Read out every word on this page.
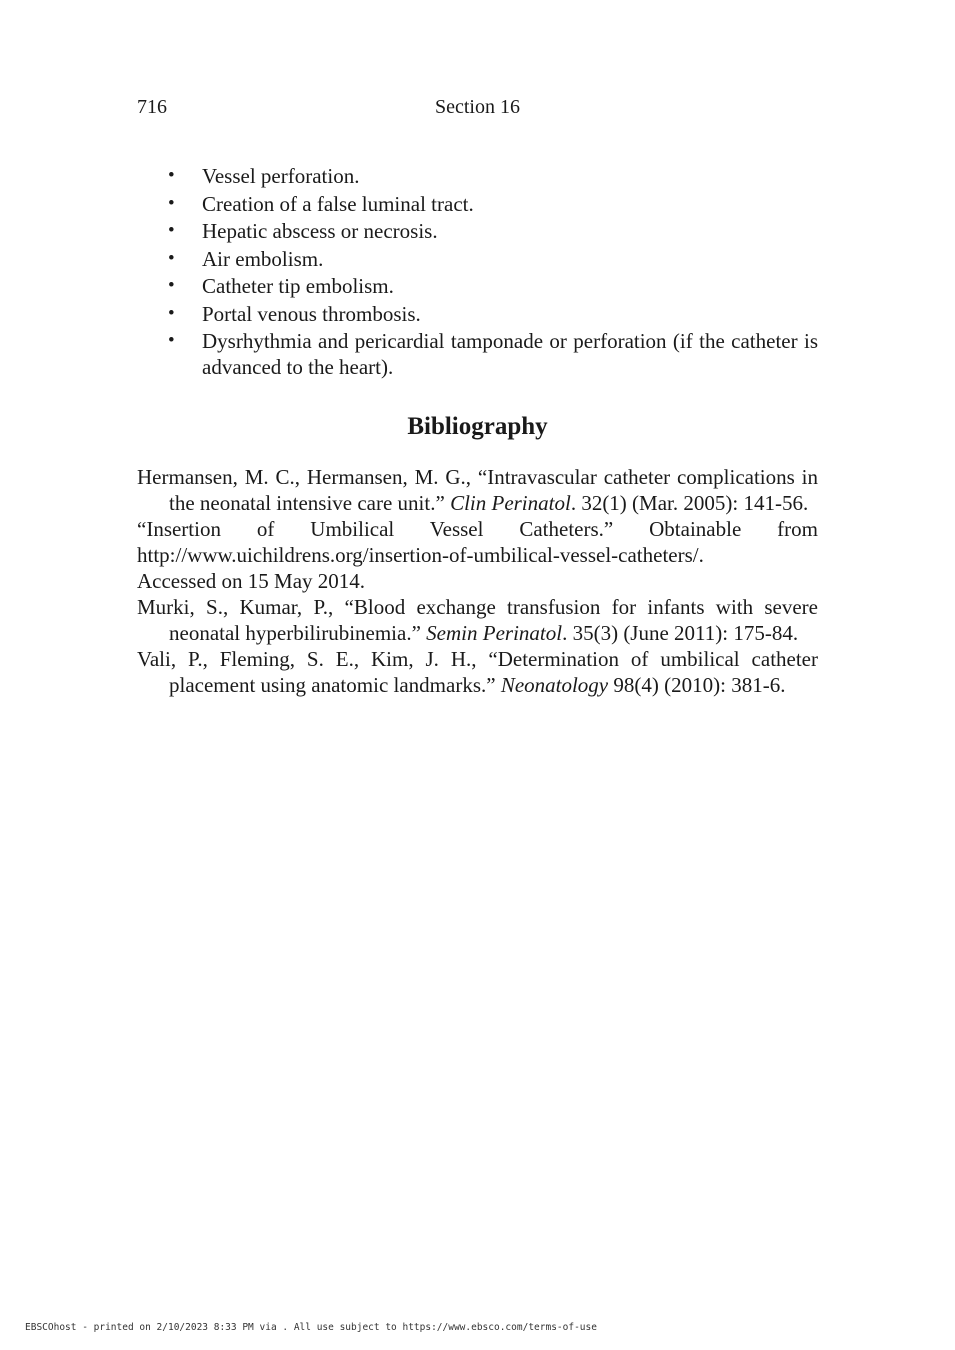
716	Section 16
• Vessel perforation.
• Creation of a false luminal tract.
• Hepatic abscess or necrosis.
• Air embolism.
• Catheter tip embolism.
• Portal venous thrombosis.
• Dysrhythmia and pericardial tamponade or perforation (if the catheter is advanced to the heart).
Bibliography
Hermansen, M. C., Hermansen, M. G., “Intravascular catheter complications in the neonatal intensive care unit.” Clin Perinatol. 32(1) (Mar. 2005): 141-56.
“Insertion of Umbilical Vessel Catheters.” Obtainable from
http://www.uichildrens.org/insertion-of-umbilical-vessel-catheters/.
Accessed on 15 May 2014.
Murki, S., Kumar, P., “Blood exchange transfusion for infants with severe neonatal hyperbilirubinemia.” Semin Perinatol. 35(3) (June 2011): 175-84.
Vali, P., Fleming, S. E., Kim, J. H., “Determination of umbilical catheter placement using anatomic landmarks.” Neonatology 98(4) (2010): 381-6.
EBSCOhost - printed on 2/10/2023 8:33 PM via . All use subject to https://www.ebsco.com/terms-of-use
